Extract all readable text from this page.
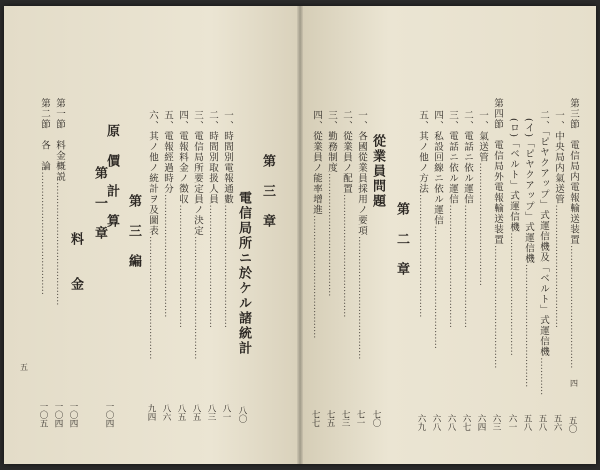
第　三　章
電信局所ニ於ケル諸統計
八〇
一、時間別電報通數…………………………………
八一
二、時間別取扱人員…………………………………
八三
三、電信局所要定員ノ決定…………………………………
八五
四、電報料金ノ徴収…………………………………
八五
五、電報經過時分…………………………………
八六
六、其ノ他ノ統計ヲ及圖表…………………………………
九四
第　三　編
原　價　計　算
一〇四
第　一　章
料　　金
一〇四
第一節　料金概説…………………………………
一〇四
第二節　各　論…………………………………
一〇五
五
第三節　電信局内電報輸送装置…………………………………
五〇
一、中央局内氣送管…………………………………
五六
二、「ピヤクアップ」式運信機及「ベルト」式運信機…………
五八
(イ)「ピヤクアップ」式運信機…………………………………
五八
(ロ)「ベルト」式運信機…………………………………
六一
第四節　電信局外電報輸送装置…………………………………
六三
一、氣送管…………………………………
六四
二、電話ニ依ル運信…………………………………
六七
三、電話ニ依ル運信…………………………………
六八
四、私設回線ニ依ル運信…………………………………
六八
五、其ノ他ノ方法…………………………………
六九
第　二　章
從業員問題
七〇
一、各國從業員採用ノ要項…………………………………
七一
二、從業員ノ配置…………………………………
七三
三、勤務制度…………………………………
七五
四、從業員ノ能率增進…………………………………
七七
四
